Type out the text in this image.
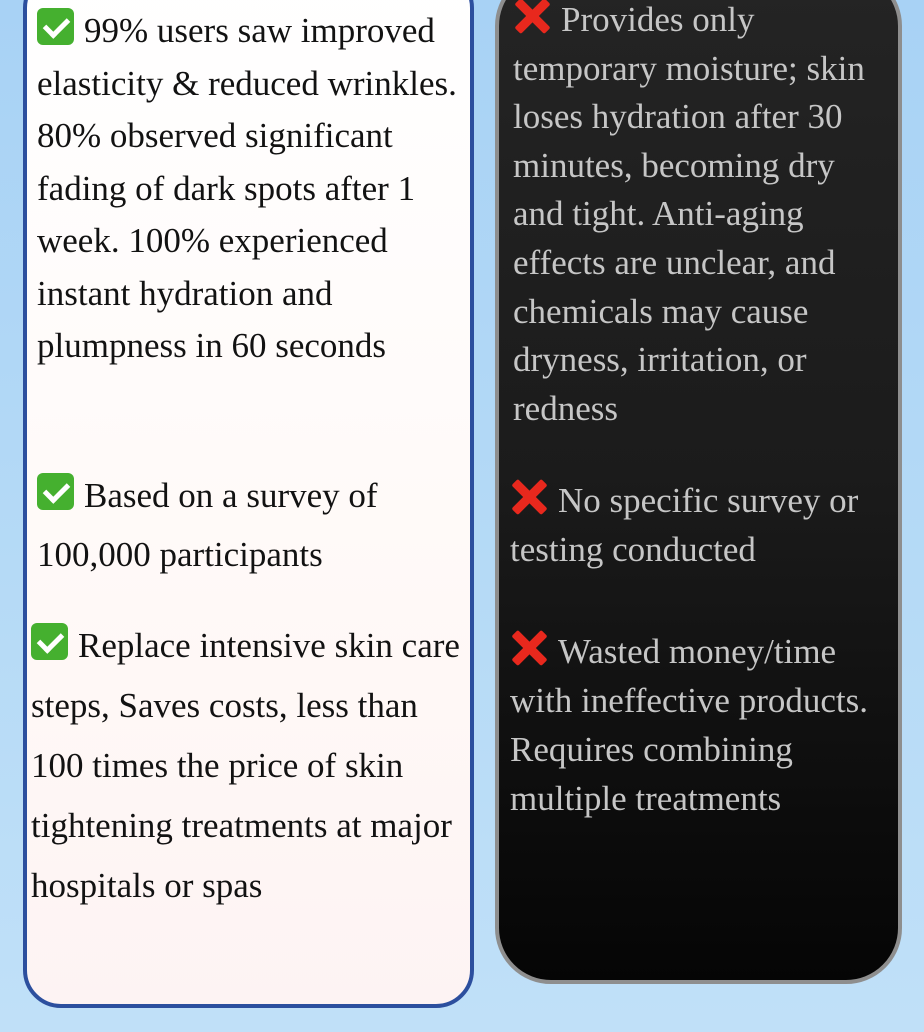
99% users saw improved elasticity & reduced wrinkles. 80% observed significant fading of dark spots after 1 week. 100% experienced instant hydration and plumpness in 60 seconds

Based on a survey of 100,000 participants

Replace intensive skin care steps, Saves costs, less than 100 times the price of skin tightening treatments at major hospitals or spas

Provides only temporary moisture; skin loses hydration after 30 minutes, becoming dry and tight. Anti-aging effects are unclear, and chemicals may cause dryness, irritation, or redness

No specific survey or testing conducted

Wasted money/time with ineffective products. Requires combining multiple treatments
